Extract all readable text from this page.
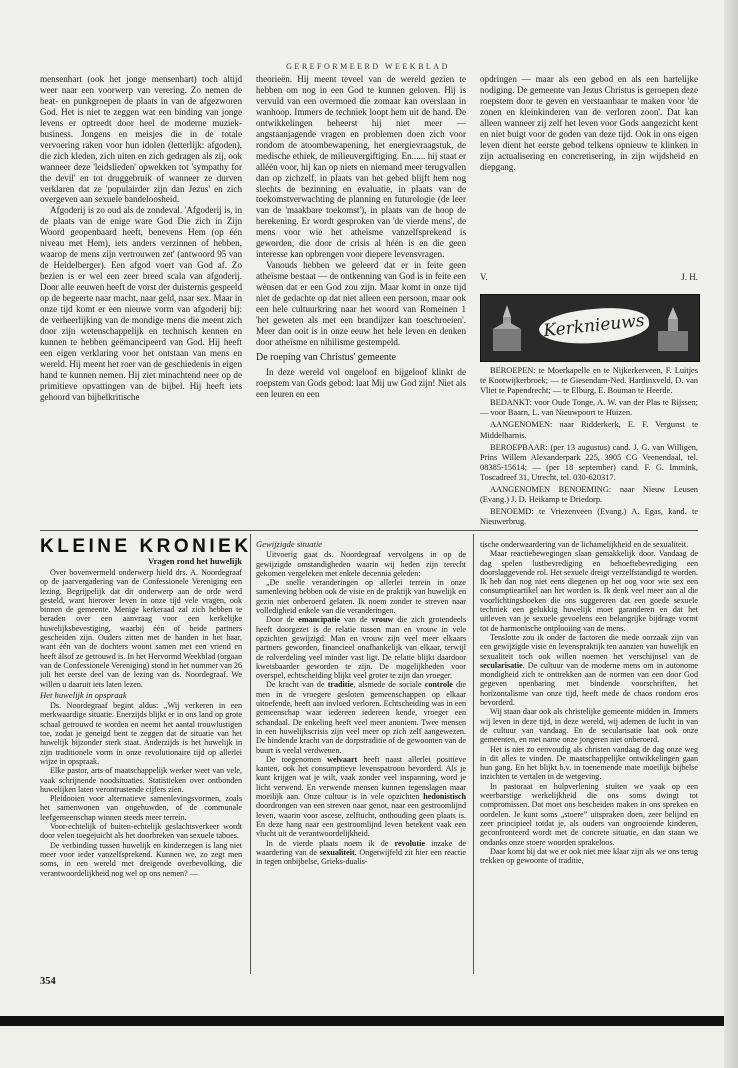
GEREFORMEERD WEEKBLAD

mensenhart (ook het jonge mensenhart) toch altijd weer naar een voorwerp van verering. Zo nemen de beat- en punkgroepen de plaats in van de afgezworen God. Het is niet te zeggen wat een binding van jonge levens er optreedt door heel de moderne muziek-business. Jongens en meisjes die in de totale vervoering raken voor hun idolen (letterlijk: afgoden), die zich kleden, zich uiten en zich gedragen als zij, ook wanneer deze 'leidslieden' opwekken tot 'sympathy for the devil' en tot druggebruik of wanneer ze durven verklaren dat ze 'populairder zijn dan Jezus' en zich overgeven aan sexuele bandeloosheid.

Afgoderij is zo oud als de zondeval. 'Afgoderij is, in de plaats van de enige ware God Die zich in Zijn Woord geopenbaard heeft, benevens Hem (op één niveau met Hem), iets anders verzinnen of hebben, waarop de mens zijn vertrouwen zet' (antwoord 95 van de Heidelberger). Een afgod voert van God af. Zo bezien is er wel een zeer breed scala van afgoderij. Door alle eeuwen heeft de vorst der duisternis gespeeld op de begeerte naar macht, naar geld, naar sex. Maar in onze tijd komt er een nieuwe vorm van afgoderij bij: de verheerlijking van de mondige mens die meent zich door zijn wetenschappelijk en technisch kennen en kunnen te hebben geëmancipeerd van God. Hij heeft een eigen verklaring voor het ontstaan van mens en wereld. Hij meent het roer van de geschiedenis in eigen hand te kunnen nemen. Hij ziet minachtend neer op de primitieve opvattingen van de bijbel. Hij heeft iets gehoord van bijbelkritische

theorieën. Hij meent teveel van de wereld gezien te hebben om nog in een God te kunnen geloven. Hij is vervuld van een overmoed die zomaar kan overslaan in wanhoop. Immers de techniek loopt hem uit de hand. De ontwikkelingen beheerst hij niet meer — angstaanjagende vragen en problemen doen zich voor rondom de atoombewapening, het energievraagstuk, de medische ethiek, de milieuvergiftiging. En...... hij staat er alléén voor, hij kan op niets en niemand meer terugvallen dan op zichzelf, in plaats van het gebed blijft hem nog slechts de bezinning en evaluatie, in plaats van de toekomstverwachting de planning en futurologie (de leer van de 'maakbare toekomst'), in plaats van de hoop de berekening. Er wordt gesproken van 'de vierde mens', de mens voor wie het atheïsme vanzelfsprekend is geworden, die door de crisis al héén is en die geen interesse kan opbrengen voor diepere levensvragen.

Vanouds hebben we geleerd dat er in feite geen atheïsme bestaat — de ontkenning van God is in feite een wènsen dat er een God zou zijn. Maar komt in onze tijd niet de gedachte op dat niet alleen een persoon, maar ook een hele cultuurkring naar het woord van Romeinen 1 'het geweten als met een brandijzer kan toeschroeien'. Meer dan ooit is in onze eeuw het hele leven en denken door atheïsme en nihilisme gestempeld.

De roeping van Christus' gemeente

In deze wereld vol ongeloof en bijgeloof klinkt de roepstem van Gods gebod: laat Mij uw God zijn! Niet als een leuren en een

opdringen — maar als een gebod en als een hartelijke nodiging. De gemeente van Jezus Christus is geroepen deze roepstem door te geven en verstaanbaar te maken voor 'de zonen en kleinkinderen van de verloren zoon'. Dat kan alleen wanneer zij zelf het leven voor Gods aangezicht kent en niet buigt voor de goden van deze tijd. Ook in ons eigen leven dient het eerste gebod telkens opnieuw te klinken in zijn actualisering en concretisering, in zijn wijdsheid en diepgang.

V.	J. H.
Kerknieuws

BEROEPEN: te Moerkapelle en te Nijkerkerveen, F. Luitjes te Kootwijkerbroek; — te Giesendam-Ned. Hardinxveld, D. van Vliet te Papendrecht; — te Elburg, E. Bouman te Heerde.

BEDANKT: voor Oude Tonge, A. W. van der Plas te Rijssen; — voor Baarn, L. van Nieuwpoort te Huizen.

AANGENOMEN: naar Ridderkerk, E. F. Vergunst te Middelharnis.

BEROEPBAAR: (per 13 augustus) cand. J. G. van Willigen, Prins Willem Alexanderpark 225, 3905 CG Veenendaal, tel. 08385-15614; — (per 18 september) cand. F. G. Immink, Toscadreef 31, Utrecht, tel. 030-620317.

AANGENOMEN BENOEMING: naar Nieuw Leusen (Evang.) J. D. Heikamp te Driedorp.

BENOEMD: te Vriezenveen (Evang.) A. Egas, kand. te Nieuwerbrug.

KLEINE KRONIEK
Vragen rond het huwelijk

Over bovenvermeld onderwerp hield drs. A. Noordegraaf op de jaarvergadering van de Confessionele Vereniging een lezing. Begrijpelijk dat dit onderwerp aan de orde werd gesteld, want hierover leven in onze tijd vele vragen, ook binnen de gemeente. Menige kerkeraad zal zich hebben te beraden over een aanvraag voor een kerkelijke huwelijksbevestiging, waarbij één of beide partners gescheiden zijn. Ouders zitten met de handen in het haar, want één van de dochters woont samen met een vriend en heeft álsof ze getrouwd is. In het Hervormd Weekblad (orgaan van de Confessionele Vereniging) stond in het nummer van 26 juli het eerste deel van de lezing van ds. Noordegraaf. We willen u daaruit iets laten lezen.

Het huwelijk in opspraak

Ds. Noordegraaf begint aldus: „Wij verkeren in een merkwaardige situatie. Enerzijds blijkt er in ons land op grote schaal getrouwd te worden en neemt het aantal trouwlustigen toe, zodat je geneigd bent te zeggen dat de situatie van het huwelijk bijzonder sterk staat. Anderzijds is het huwelijk in zijn traditionele vorm in onze revolutionaire tijd op allerlei wijze in opspraak.

Elke pastor, arts of maatschappelijk werker weet van vele, vaak schrijnende noodsituaties. Statistieken over ontbonden huwelijken laten verontrustende cijfers zien.

Pleidooien voor alternatieve samenlevingsvormen, zoals het samenwonen van ongehuwden, of de communale leefgemeenschap winnen steeds meer terrein.

Voor-echtelijk of buiten-echtelijk geslachtsverkeer wordt door velen toegejuicht als het doorbreken van sexuele taboes.

De verbinding tussen huwelijk en kinderzegen is lang niet meer voor ieder vanzelfsprekend. Kunnen we, zo zegt men soms, in een wereld met dreigende overbevolking, die verantwoordelijkheid nog wel op ons nemen? —

Gewijzigde situatie

Uitvoerig gaat ds. Noordegraaf vervolgens in op de gewijzigde omstandigheden waarin wij heden zijn terecht gekomen vergeleken met enkele decennia geleden:

„De snelle veranderingen op allerlei terrein in onze samenleving hebben ook de visie en de praktijk van huwelijk en gezin niet onberoerd gelaten. Ik noem zonder te streven naar volledigheid enkele van die veranderingen.

Door de emancipatie van de vrouw die zich grotendeels heeft doorgezet is de relatie tussen man en vrouw in vele opzichten gewijzigd. Man en vrouw zijn veel meer elkaars partners geworden, financieel onafhankelijk van elkaar, terwijl de rolverdeling veel minder vast ligt. De relatie blijkt daardoor kwetsbaarder geworden te zijn. De mogelijkheden voor overspel, echtscheiding blijkt veel groter te zijn dan vroeger.

De kracht van de traditie, alsmede de sociale controle die men in de vroegere gesloten gemeenschappen op elkaar uitoefende, heeft aan invloed verloren. Echtscheiding was in een gemeenschap waar iedereen iedereen kende, vroeger een schandaal. De enkeling heeft veel meer anoniem. Twee mensen in een huwelijkscrisis zijn veel meer op zich zelf aangewezen. De bindende kracht van de dorpstraditie of de gewoonten van de buurt is veelal verdwenen.

De toegenomen welvaart heeft naast allerlei positieve kanten, ook het consumptieve levenspatroon bevorderd. Als je kunt krijgen wat je wilt, vaak zonder veel inspanning, word je licht verwend. En verwende mensen kunnen tegenslagen maar moeilijk aan. Onze cultuur is in vele opzichten hedonistisch doordrongen van een streven naar genot, naar een gestroomlijnd leven, waarin voor ascese, zelftucht, onthouding geen plaats is. En deze hang naar een gestroomlijnd leven betekent vaak een vlucht uit de verantwoordelijkheid.

In de vierde plaats noem ik de revolutie inzake de waardering van de sexualiteit. Ongetwijfeld zit hier een reactie in tegen onbijbelse, Grieks-dualis-

tische onderwaardering van de lichamelijkheid en de sexualiteit.

Maar reactiebewegingen slaan gemakkelijk door. Vandaag de dag spelen lustbevrediging en behoeftebevrediging een doorslaggevende rol. Het sexuele dreigt verzelfstandigd te worden. Ik heb dan nog niet eens diegenen op het oog voor wie sex een consumptieartikel aan het worden is. Ik denk veel meer aan al die voorlichtingsboeken die ons suggereren dat een goede sexuele techniek een gelukkig huwelijk moet garanderen en dat het uitleven van je sexuele gevoelens een belangrijke bijdrage vormt tot de harmonische ontplooiing van de mens.

Tenslotte zou ik onder de factoren die mede oorzaak zijn van een gewijzigde visie en levenspraktijk ten aanzien van huwelijk en sexualiteit toch ook willen noemen het verschijnsel van de secularisatie. De cultuur van de moderne mens om in autonome mondigheid zich te onttrekken aan de normen van een door God gegeven openbaring met bindende voorschriften, het horizontalisme van onze tijd, heeft mede de chaos rondom eros bevorderd.

Wij staan daar ook als christelijke gemeente midden in. Immers wij leven in deze tijd, in deze wereld, wij ademen de lucht in van de cultuur van vandaag. En de secularisatie laat ook onze gemeenten, en met name onze jongeren niet onberoerd.

Het is niet zo eenvoudig als christen vandaag de dag onze weg in dit alles te vinden. De maatschappelijke ontwikkelingen gaan hun gang. En het blijkt b.v. in toenemende mate moeilijk bijbelse inzichten te vertalen in de wetgeving.

In pastoraat en hulpverlening stuiten we vaak op een weerbarstige werkelijkheid die ons soms dwingt tot compromissen. Dat moet ons bescheiden maken in ons spreken en oordelen. Je kunt soms „stoere” uitspraken doen, zeer belijnd en zeer principieel totdat je, als ouders van ongrooiende kinderen, geconfronteerd wordt met de concrete situatie, en dan staan we ondanks onze stoere woorden sprakeloos.

Daar komt bij dat we er ook niet mee klaar zijn als we ons terug trekken op gewoonte of traditie,

354
